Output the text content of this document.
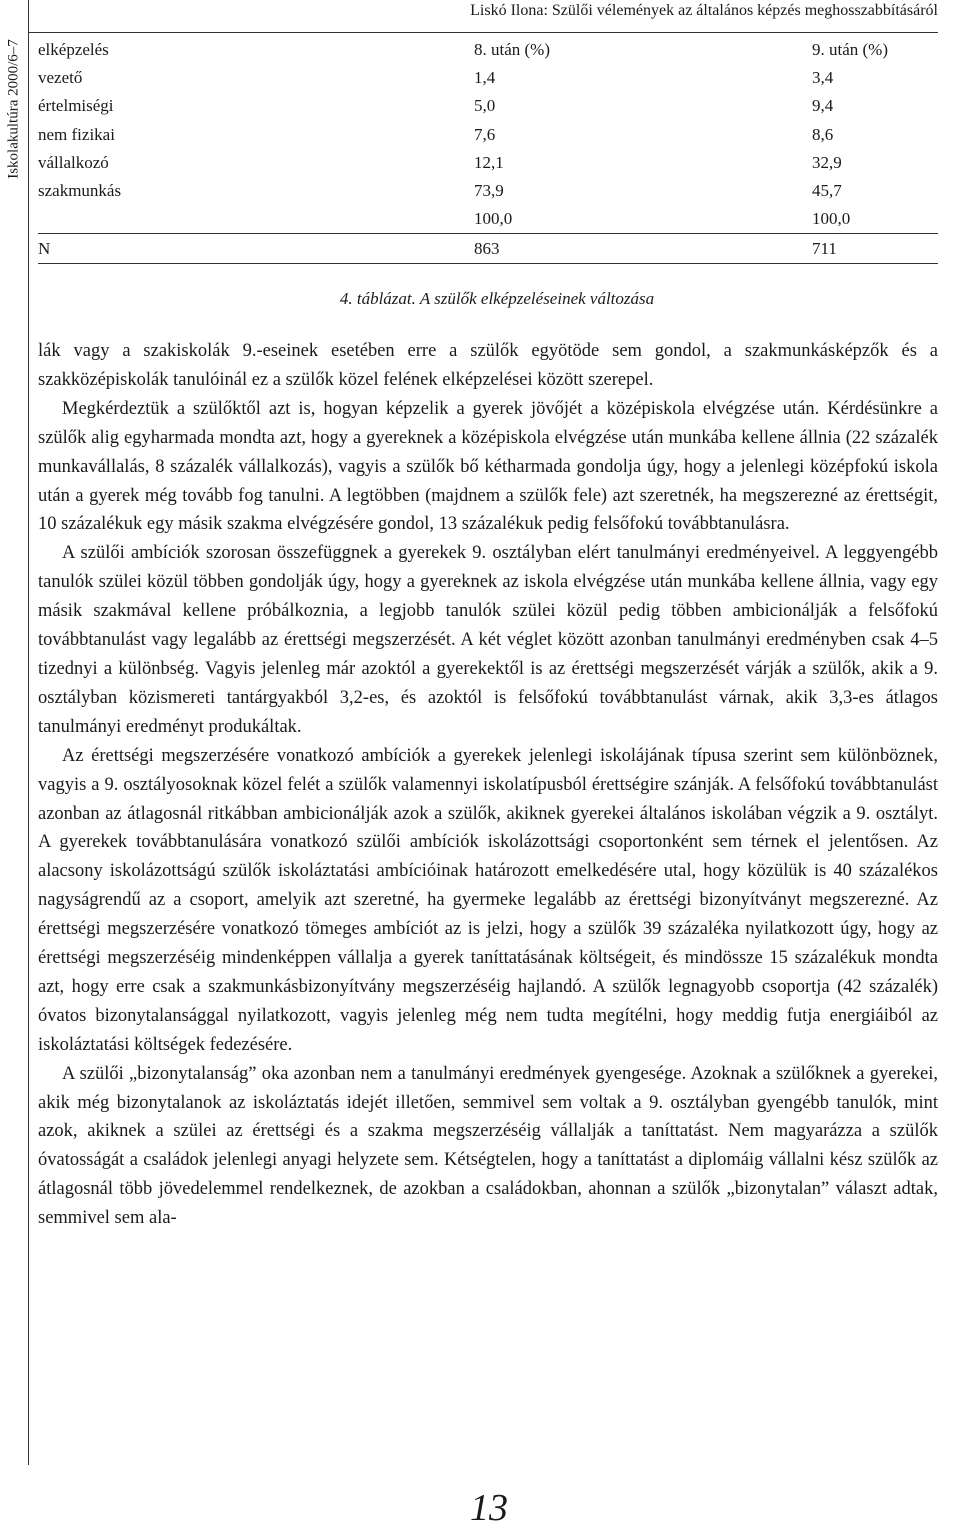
Iskolakultúra 2000/6–7
Liskó Ilona: Szülői vélemények az általános képzés meghosszabbításáról
elképzelés	8. után (%)	9. után (%)
vezető	1,4	3,4
értelmiségi	5,0	9,4
nem fizikai	7,6	8,6
vállalkozó	12,1	32,9
szakmunkás	73,9	45,7
	100,0	100,0
N	863	711
4. táblázat. A szülők elképzeléseinek változása

lák vagy a szakiskolák 9.-eseinek esetében erre a szülők egyötöde sem gondol, a szakmunkásképzők és a szakközépiskolák tanulóinál ez a szülők közel felének elképzelései között szerepel.

Megkérdeztük a szülőktől azt is, hogyan képzelik a gyerek jövőjét a középiskola elvégzése után. Kérdésünkre a szülők alig egyharmada mondta azt, hogy a gyereknek a középiskola elvégzése után munkába kellene állnia (22 százalék munkavállalás, 8 százalék vállalkozás), vagyis a szülők bő kétharmada gondolja úgy, hogy a jelenlegi középfokú iskola után a gyerek még tovább fog tanulni. A legtöbben (majdnem a szülők fele) azt szeretnék, ha megszerezné az érettségit, 10 százalékuk egy másik szakma elvégzésére gondol, 13 százalékuk pedig felsőfokú továbbtanulásra.

A szülői ambíciók szorosan összefüggnek a gyerekek 9. osztályban elért tanulmányi eredményeivel. A leggyengébb tanulók szülei közül többen gondolják úgy, hogy a gyereknek az iskola elvégzése után munkába kellene állnia, vagy egy másik szakmával kellene próbálkoznia, a legjobb tanulók szülei közül pedig többen ambicionálják a felsőfokú továbbtanulást vagy legalább az érettségi megszerzését. A két véglet között azonban tanulmányi eredményben csak 4–5 tizednyi a különbség. Vagyis jelenleg már azoktól a gyerekektől is az érettségi megszerzését várják a szülők, akik a 9. osztályban közismereti tantárgyakból 3,2-es, és azoktól is felsőfokú továbbtanulást várnak, akik 3,3-es átlagos tanulmányi eredményt produkáltak.

Az érettségi megszerzésére vonatkozó ambíciók a gyerekek jelenlegi iskolájának típusa szerint sem különböznek, vagyis a 9. osztályosoknak közel felét a szülők valamennyi iskolatípusból érettségire szánják. A felsőfokú továbbtanulást azonban az átlagosnál ritkábban ambicionálják azok a szülők, akiknek gyerekei általános iskolában végzik a 9. osztályt. A gyerekek továbbtanulására vonatkozó szülői ambíciók iskolázottsági csoportonként sem térnek el jelentősen. Az alacsony iskolázottságú szülők iskoláztatási ambícióinak határozott emelkedésére utal, hogy közülük is 40 százalékos nagyságrendű az a csoport, amelyik azt szeretné, ha gyermeke legalább az érettségi bizonyítványt megszerezné. Az érettségi megszerzésére vonatkozó tömeges ambíciót az is jelzi, hogy a szülők 39 százaléka nyilatkozott úgy, hogy az érettségi megszerzéséig mindenképpen vállalja a gyerek taníttatásának költségeit, és mindössze 15 százalékuk mondta azt, hogy erre csak a szakmunkásbizonyítvány megszerzéséig hajlandó. A szülők legnagyobb csoportja (42 százalék) óvatos bizonytalansággal nyilatkozott, vagyis jelenleg még nem tudta megítélni, hogy meddig futja energiáiból az iskoláztatási költségek fedezésére.

A szülői „bizonytalanság” oka azonban nem a tanulmányi eredmények gyengesége. Azoknak a szülőknek a gyerekei, akik még bizonytalanok az iskoláztatás idejét illetően, semmivel sem voltak a 9. osztályban gyengébb tanulók, mint azok, akiknek a szülei az érettségi és a szakma megszerzéséig vállalják a taníttatást. Nem magyarázza a szülők óvatosságát a családok jelenlegi anyagi helyzete sem. Kétségtelen, hogy a taníttatást a diplomáig vállalni kész szülők az átlagosnál több jövedelemmel rendelkeznek, de azokban a családokban, ahonnan a szülők „bizonytalan” választ adtak, semmivel sem ala-

13
